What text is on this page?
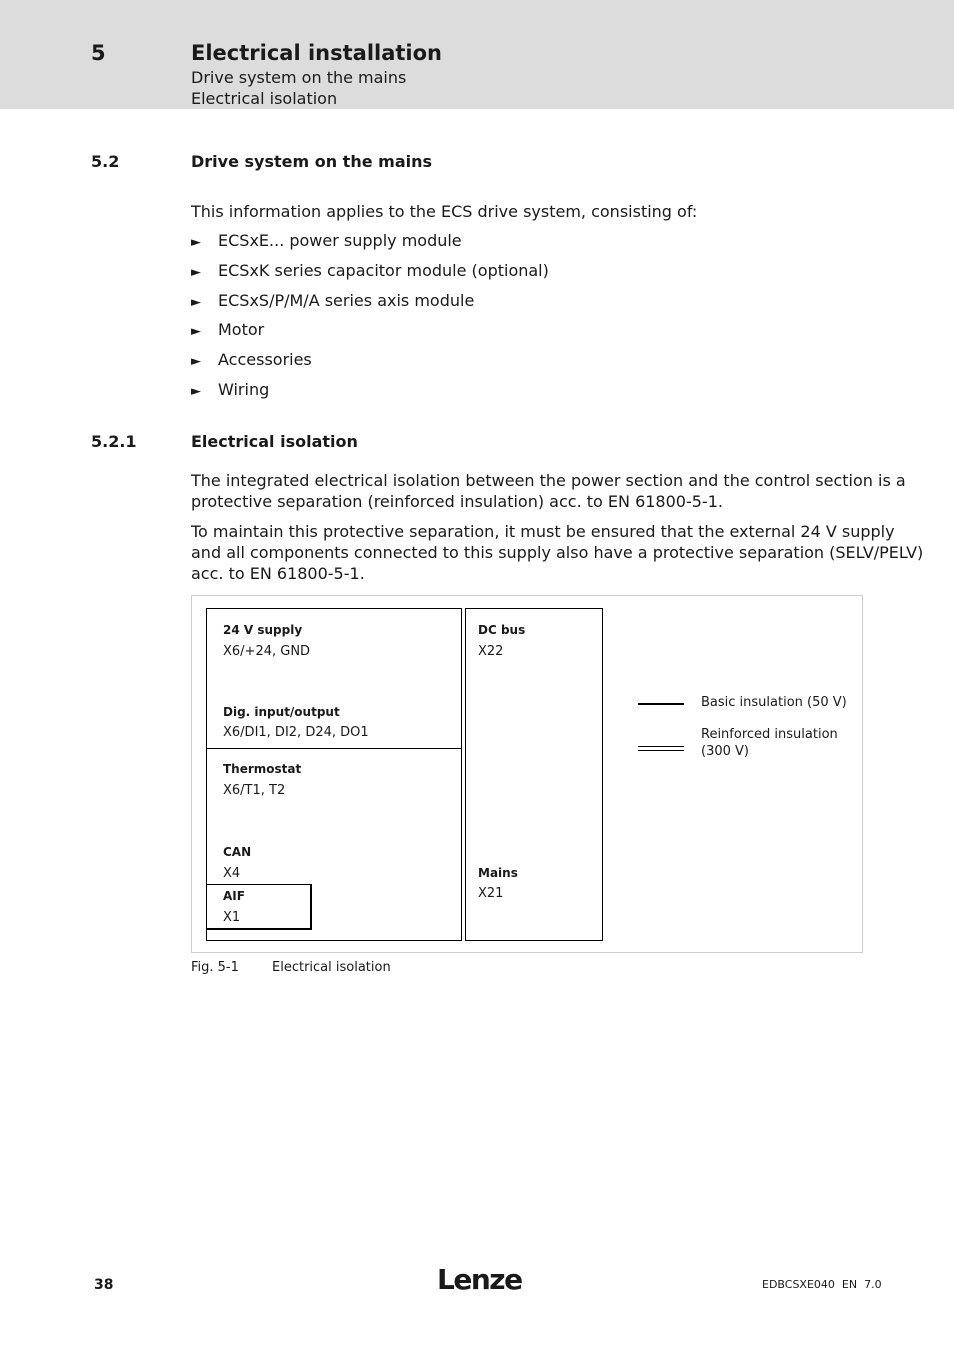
5	Electrical installation
Drive system on the mains
Electrical isolation
5.2	Drive system on the mains
This information applies to the ECS drive system, consisting of:
► ECSxE... power supply module
► ECSxK series capacitor module (optional)
► ECSxS/P/M/A series axis module
► Motor
► Accessories
► Wiring
5.2.1	Electrical isolation
The integrated electrical isolation between the power section and the control section is a
protective separation (reinforced insulation) acc. to EN 61800-5-1.
To maintain this protective separation, it must be ensured that the external 24 V supply
and all components connected to this supply also have a protective separation (SELV/PELV)
acc. to EN 61800-5-1.
24 V supply
X6/+24, GND
Dig. input/output
X6/DI1, DI2, D24, DO1
Thermostat
X6/T1, T2
CAN
X4
AIF
X1
DC bus
X22
Mains
X21
Basic insulation (50 V)
Reinforced insulation
(300 V)
Fig. 5-1	Electrical isolation
38	Lenze	EDBCSXE040  EN  7.0
